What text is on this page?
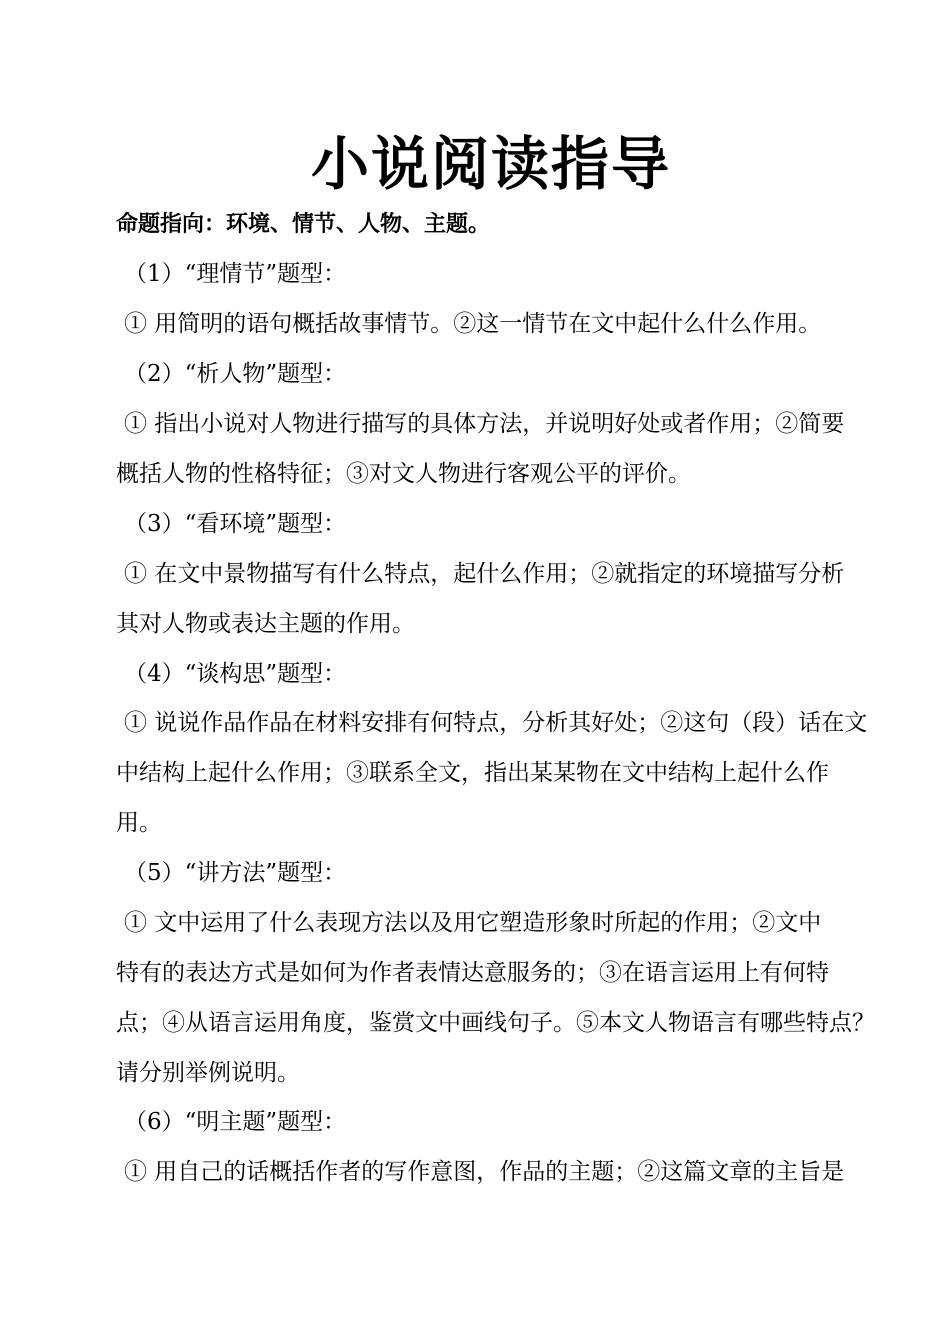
小说阅读指导
命题指向：环境、情节、人物、主题。
（1）“理情节”题型：
① 用简明的语句概括故事情节。②这一情节在文中起什么什么作用。
（2）“析人物”题型：
① 指出小说对人物进行描写的具体方法，并说明好处或者作用；②简要
概括人物的性格特征；③对文人物进行客观公平的评价。
（3）“看环境”题型：
① 在文中景物描写有什么特点，起什么作用；②就指定的环境描写分析
其对人物或表达主题的作用。
（4）“谈构思”题型：
① 说说作品作品在材料安排有何特点，分析其好处；②这句（段）话在文
中结构上起什么作用；③联系全文，指出某某物在文中结构上起什么作
用。
（5）“讲方法”题型：
① 文中运用了什么表现方法以及用它塑造形象时所起的作用；②文中
特有的表达方式是如何为作者表情达意服务的；③在语言运用上有何特
点；④从语言运用角度，鉴赏文中画线句子。⑤本文人物语言有哪些特点？
请分别举例说明。
（6）“明主题”题型：
① 用自己的话概括作者的写作意图，作品的主题；②这篇文章的主旨是
